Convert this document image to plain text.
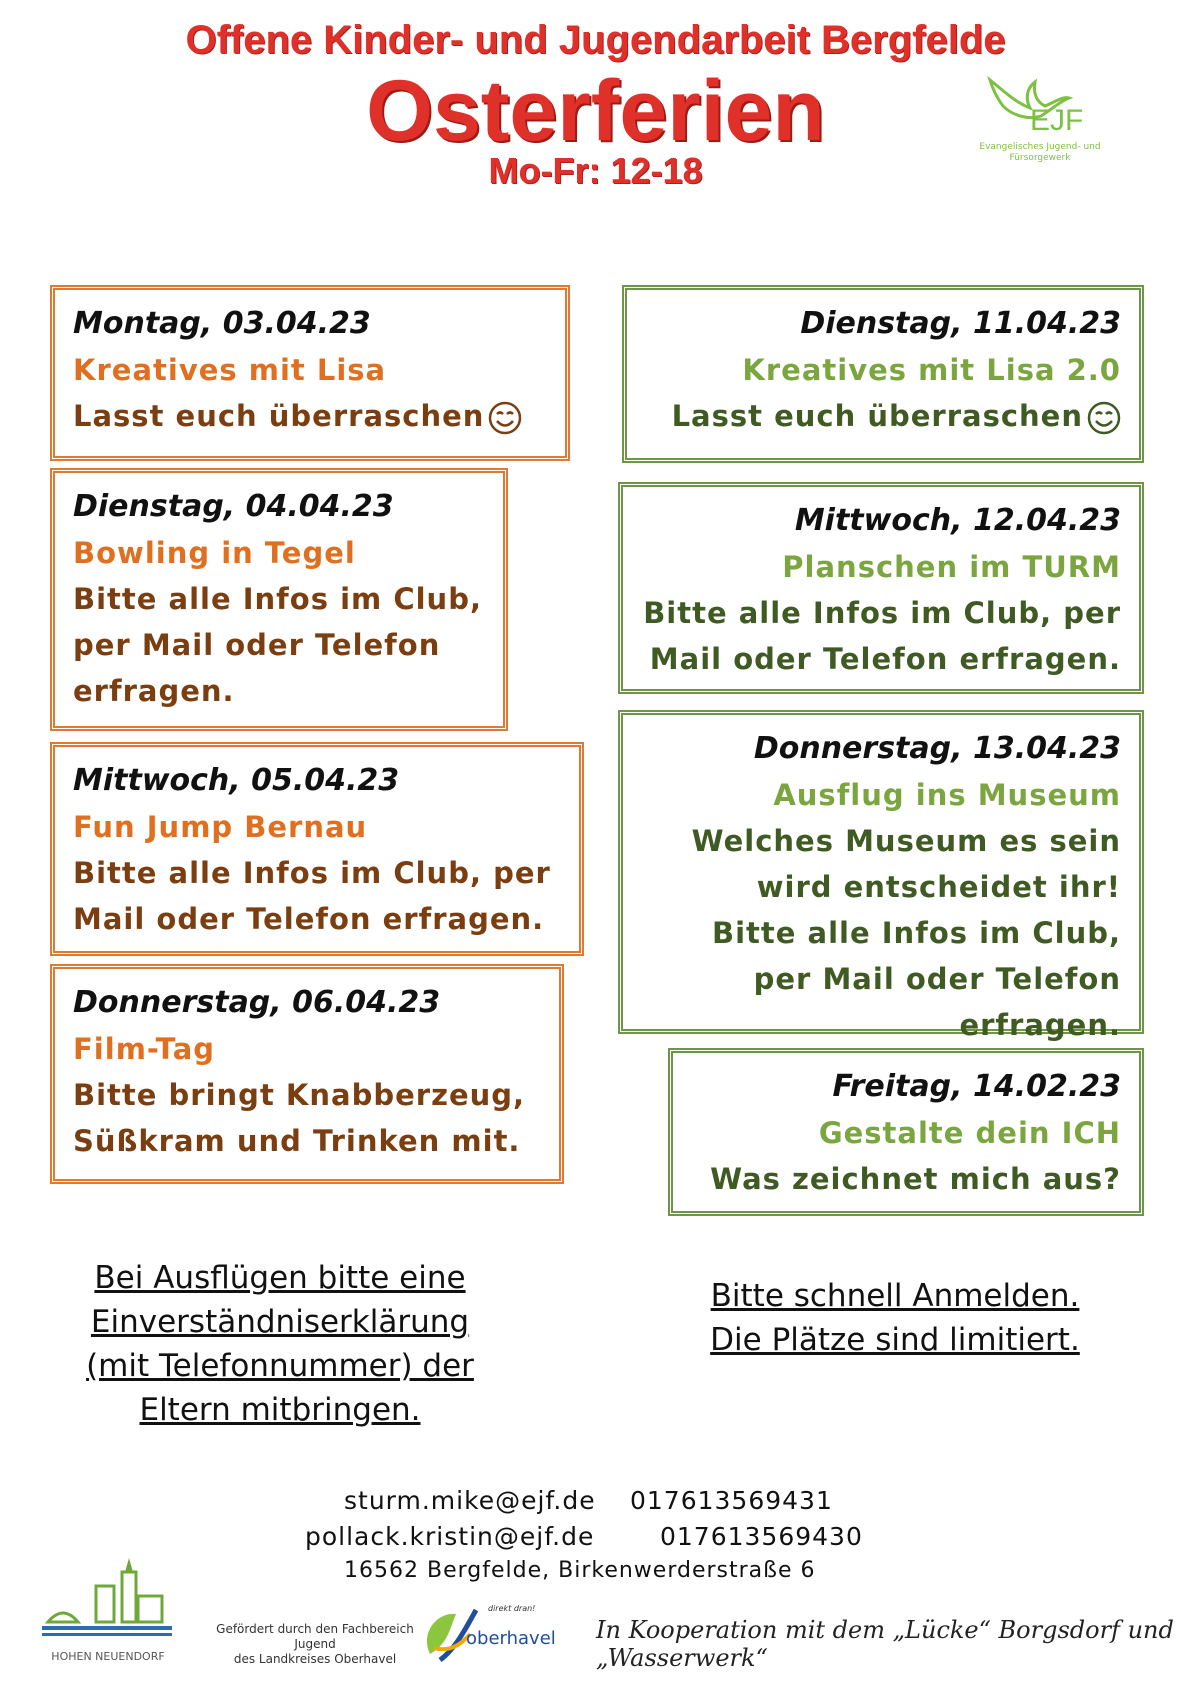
Offene Kinder- und Jugendarbeit Bergfelde
Osterferien
Mo-Fr: 12-18
EJF
Evangelisches Jugend- und
Fürsorgewerk
Montag, 03.04.23
Kreatives mit Lisa
Lasst euch überraschen
Dienstag, 04.04.23
Bowling in Tegel
Bitte alle Infos im Club, per Mail oder Telefon erfragen.
Mittwoch, 05.04.23
Fun Jump Bernau
Bitte alle Infos im Club, per Mail oder Telefon erfragen.
Donnerstag, 06.04.23
Film-Tag
Bitte bringt Knabberzeug, Süßkram und Trinken mit.
Dienstag, 11.04.23
Kreatives mit Lisa 2.0
Lasst euch überraschen
Mittwoch, 12.04.23
Planschen im TURM
Bitte alle Infos im Club, per Mail oder Telefon erfragen.
Donnerstag, 13.04.23
Ausflug ins Museum
Welches Museum es sein wird entscheidet ihr! Bitte alle Infos im Club, per Mail oder Telefon erfragen.
Freitag, 14.02.23
Gestalte dein ICH
Was zeichnet mich aus?
Bei Ausflügen bitte eine Einverständniserklärung (mit Telefonnummer) der Eltern mitbringen.
Bitte schnell Anmelden. Die Plätze sind limitiert.
sturm.mike@ejf.de 017613569431
pollack.kristin@ejf.de	017613569430
16562 Bergfelde, Birkenwerderstraße 6
HOHEN NEUENDORF
Gefördert durch den Fachbereich Jugend
des Landkreises Oberhavel
direkt dran!
oberhavel In Kooperation mit dem „Lücke“ Borgsdorf und „Wasserwerk“
